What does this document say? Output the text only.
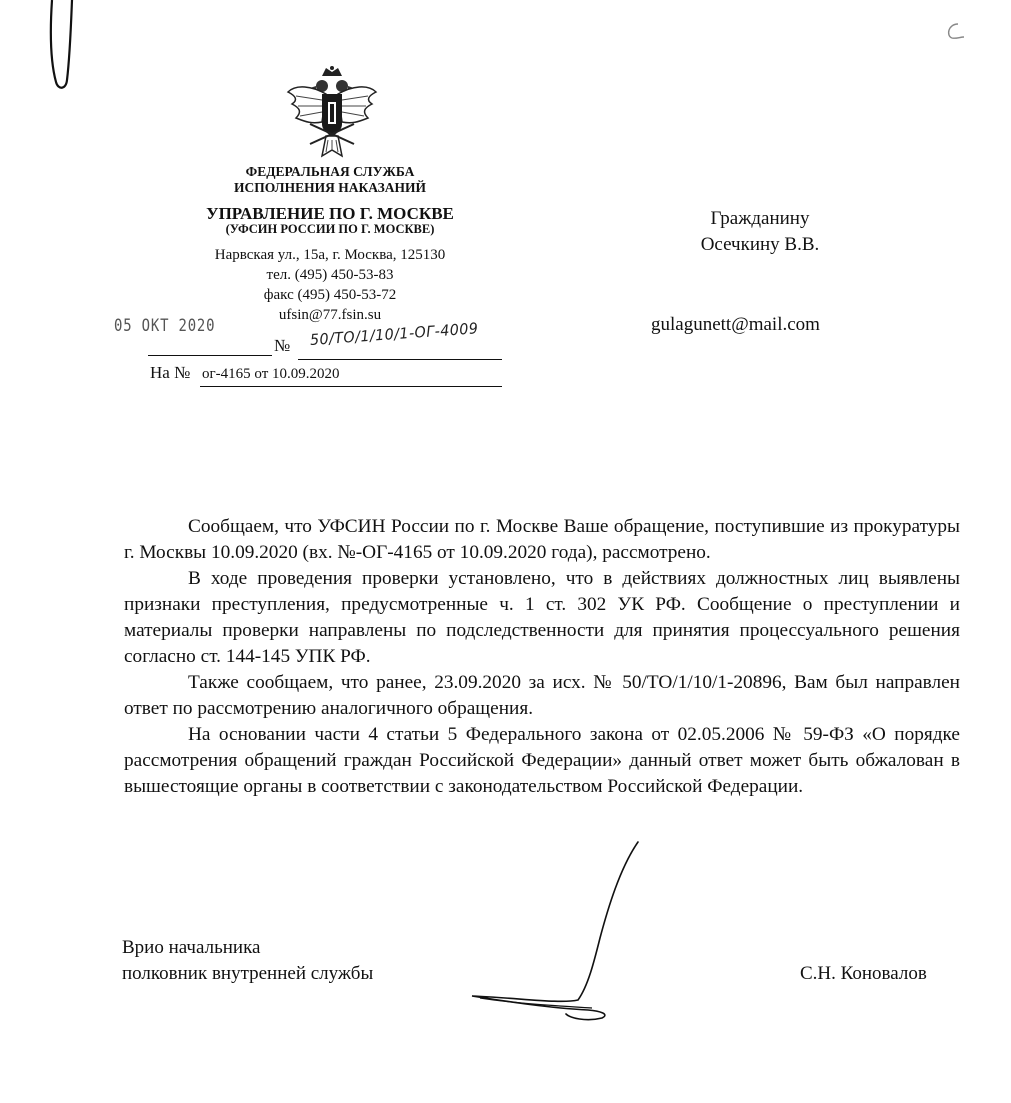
ФЕДЕРАЛЬНАЯ СЛУЖБА
ИСПОЛНЕНИЯ НАКАЗАНИЙ
УПРАВЛЕНИЕ ПО Г. МОСКВЕ
(УФСИН РОССИИ ПО Г. МОСКВЕ)
Нарвская ул., 15а, г. Москва, 125130
тел. (495) 450-53-83
факс (495) 450-53-72
ufsin@77.fsin.su
05 ОКТ 2020
№ 50/ТО/1/10/1-ОГ-4009
На № ог-4165 от 10.09.2020
Гражданину
Осечкину В.В.
gulagunett@mail.com

Сообщаем, что УФСИН России по г. Москве Ваше обращение, поступившие из прокуратуры г. Москвы 10.09.2020 (вх. №-ОГ-4165 от 10.09.2020 года), рассмотрено.

В ходе проведения проверки установлено, что в действиях должностных лиц выявлены признаки преступления, предусмотренные ч. 1 ст. 302 УК РФ. Сообщение о преступлении и материалы проверки направлены по подследственности для принятия процессуального решения согласно ст. 144-145 УПК РФ.

Также сообщаем, что ранее, 23.09.2020 за исх. № 50/ТО/1/10/1-20896, Вам был направлен ответ по рассмотрению аналогичного обращения.

На основании части 4 статьи 5 Федерального закона от 02.05.2006 № 59-ФЗ «О порядке рассмотрения обращений граждан Российской Федерации» данный ответ может быть обжалован в вышестоящие органы в соответствии с законодательством Российской Федерации.

Врио начальника
полковник внутренней службы	С.Н. Коновалов
